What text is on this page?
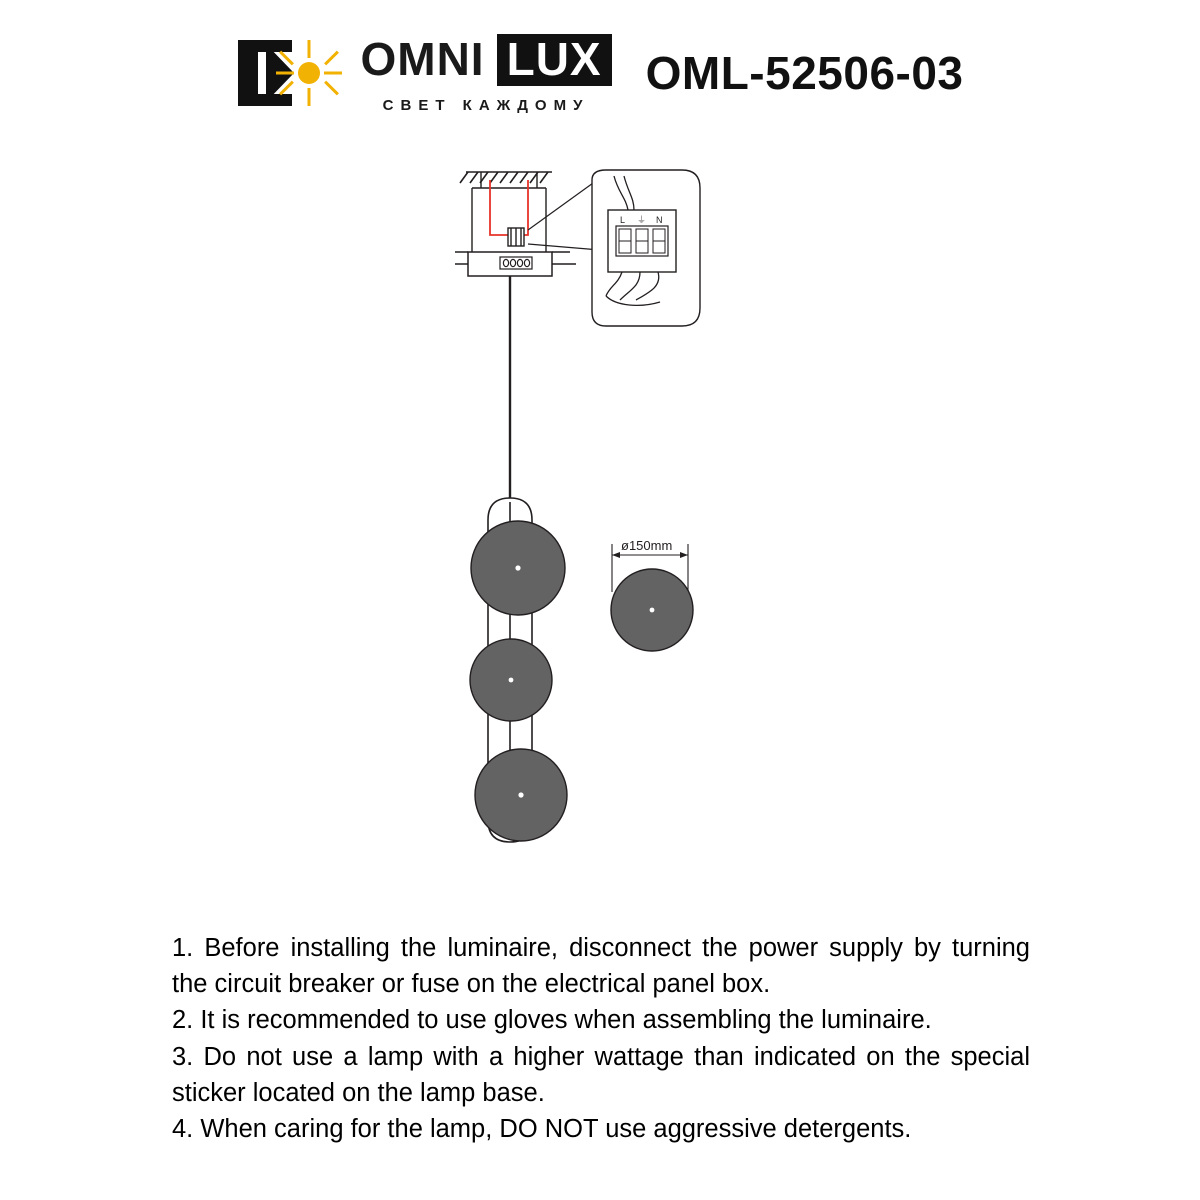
OMNI LUX
СВЕТ КАЖДОМУ
OML-52506-03
L ⏚ N
ø150mm

1. Before installing the luminaire, disconnect the power supply by turning the circuit breaker or fuse on the electrical panel box.

2. It is recommended to use gloves when assembling the luminaire.

3. Do not use a lamp with a higher wattage than indicated on the special sticker located on the lamp base.

4. When caring for the lamp, DO NOT use aggressive detergents.
